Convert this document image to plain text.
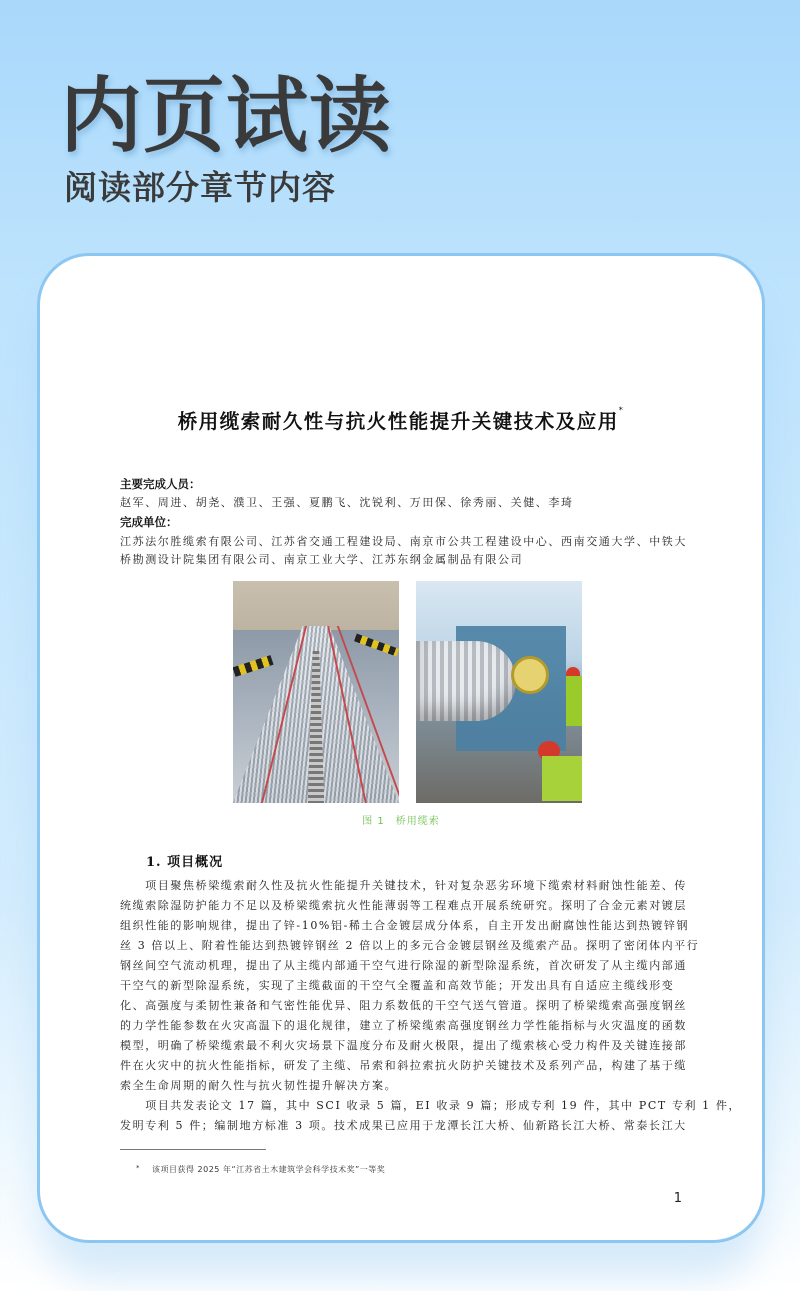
内页试读
阅读部分章节内容
桥用缆索耐久性与抗火性能提升关键技术及应用*
主要完成人员：
赵军、周进、胡尧、濮卫、王强、夏鹏飞、沈锐利、万田保、徐秀丽、关健、李琦
完成单位：
江苏法尔胜缆索有限公司、江苏省交通工程建设局、南京市公共工程建设中心、西南交通大学、中铁大
桥勘测设计院集团有限公司、南京工业大学、江苏东纲金属制品有限公司
图 1　桥用缆索
1. 项目概况
　　项目聚焦桥梁缆索耐久性及抗火性能提升关键技术，针对复杂恶劣环境下缆索材料耐蚀性能差、传
统缆索除湿防护能力不足以及桥梁缆索抗火性能薄弱等工程难点开展系统研究。探明了合金元素对镀层
组织性能的影响规律，提出了锌-10%铝-稀土合金镀层成分体系，自主开发出耐腐蚀性能达到热镀锌钢
丝 3 倍以上、附着性能达到热镀锌钢丝 2 倍以上的多元合金镀层钢丝及缆索产品。探明了密闭体内平行
钢丝间空气流动机理，提出了从主缆内部通干空气进行除湿的新型除湿系统，首次研发了从主缆内部通
干空气的新型除湿系统，实现了主缆截面的干空气全覆盖和高效节能；开发出具有自适应主缆线形变
化、高强度与柔韧性兼备和气密性能优异、阻力系数低的干空气送气管道。探明了桥梁缆索高强度钢丝
的力学性能参数在火灾高温下的退化规律，建立了桥梁缆索高强度钢丝力学性能指标与火灾温度的函数
模型，明确了桥梁缆索最不利火灾场景下温度分布及耐火极限，提出了缆索核心受力构件及关键连接部
件在火灾中的抗火性能指标，研发了主缆、吊索和斜拉索抗火防护关键技术及系列产品，构建了基于缆
索全生命周期的耐久性与抗火韧性提升解决方案。
　　项目共发表论文 17 篇，其中 SCI 收录 5 篇，EI 收录 9 篇；形成专利 19 件，其中 PCT 专利 1 件，
发明专利 5 件；编制地方标准 3 项。技术成果已应用于龙潭长江大桥、仙新路长江大桥、常泰长江大
* 该项目获得 2025 年“江苏省土木建筑学会科学技术奖”一等奖
1
